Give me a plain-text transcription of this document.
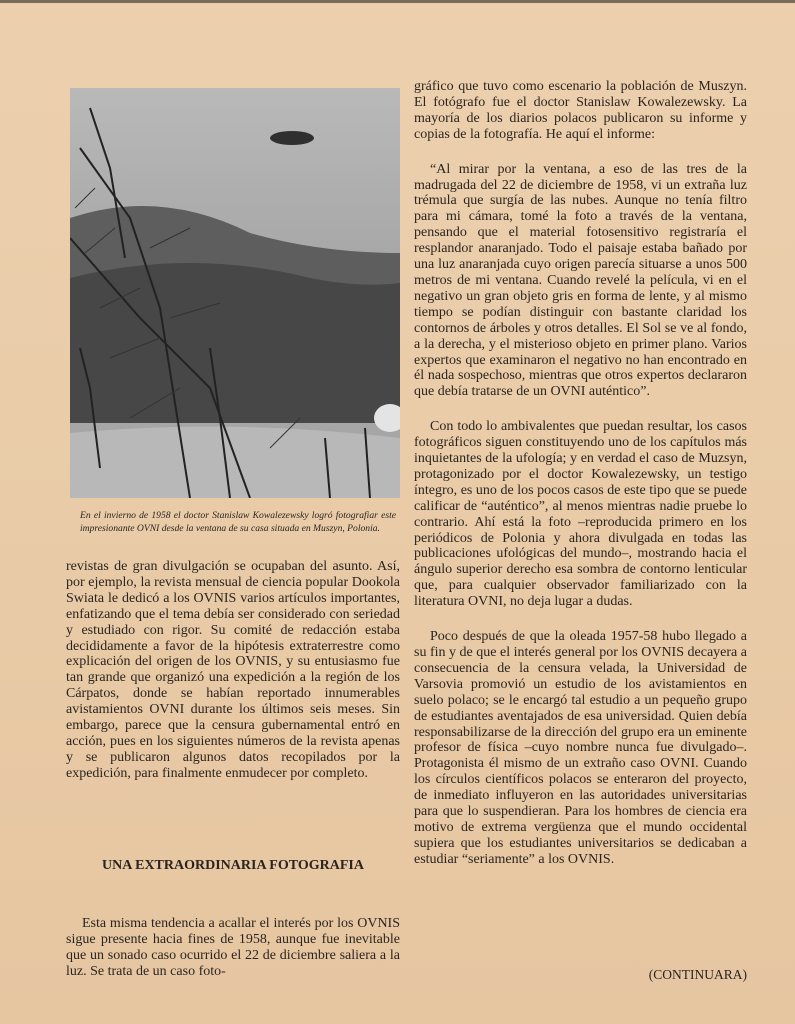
En el invierno de 1958 el doctor Stanislaw Kowalezewsky logró fotografiar este impresionante OVNI desde la ventana de su casa situada en Muszyn, Polonia.

revistas de gran divulgación se ocupaban del asunto. Así, por ejemplo, la revista mensual de ciencia popular Dookola Swiata le dedicó a los OVNIS varios artículos importantes, enfatizando que el tema debía ser considerado con seriedad y estudiado con rigor. Su comité de redacción estaba decididamente a favor de la hipótesis extraterrestre como explicación del origen de los OVNIS, y su entusiasmo fue tan grande que organizó una expedición a la región de los Cárpatos, donde se habían reportado innumerables avistamientos OVNI durante los últimos seis meses. Sin embargo, parece que la censura gubernamental entró en acción, pues en los siguientes números de la revista apenas y se publicaron algunos datos recopilados por la expedición, para finalmente enmudecer por completo.

UNA EXTRAORDINARIA FOTOGRAFIA

Esta misma tendencia a acallar el interés por los OVNIS sigue presente hacia fines de 1958, aunque fue inevitable que un sonado caso ocurrido el 22 de diciembre saliera a la luz. Se trata de un caso foto-

gráfico que tuvo como escenario la población de Muszyn. El fotógrafo fue el doctor Stanislaw Kowalezewsky. La mayoría de los diarios polacos publicaron su informe y copias de la fotografía. He aquí el informe:

“Al mirar por la ventana, a eso de las tres de la madrugada del 22 de diciembre de 1958, vi un extraña luz trémula que surgía de las nubes. Aunque no tenía filtro para mi cámara, tomé la foto a través de la ventana, pensando que el material fotosensitivo registraría el resplandor anaranjado. Todo el paisaje estaba bañado por una luz anaranjada cuyo origen parecía situarse a unos 500 metros de mi ventana. Cuando revelé la película, vi en el negativo un gran objeto gris en forma de lente, y al mismo tiempo se podían distinguir con bastante claridad los contornos de árboles y otros detalles. El Sol se ve al fondo, a la derecha, y el misterioso objeto en primer plano. Varios expertos que examinaron el negativo no han encontrado en él nada sospechoso, mientras que otros expertos declararon que debía tratarse de un OVNI auténtico”.

Con todo lo ambivalentes que puedan resultar, los casos fotográficos siguen constituyendo uno de los capítulos más inquietantes de la ufología; y en verdad el caso de Muzsyn, protagonizado por el doctor Kowalezewsky, un testigo íntegro, es uno de los pocos casos de este tipo que se puede calificar de “auténtico”, al menos mientras nadie pruebe lo contrario. Ahí está la foto –reproducida primero en los periódicos de Polonia y ahora divulgada en todas las publicaciones ufológicas del mundo–, mostrando hacia el ángulo superior derecho esa sombra de contorno lenticular que, para cualquier observador familiarizado con la literatura OVNI, no deja lugar a dudas.

Poco después de que la oleada 1957-58 hubo llegado a su fin y de que el interés general por los OVNIS decayera a consecuencia de la censura velada, la Universidad de Varsovia promovió un estudio de los avistamientos en suelo polaco; se le encargó tal estudio a un pequeño grupo de estudiantes aventajados de esa universidad. Quien debía responsabilizarse de la dirección del grupo era un eminente profesor de física –cuyo nombre nunca fue divulgado–. Protagonista él mismo de un extraño caso OVNI. Cuando los círculos científicos polacos se enteraron del proyecto, de inmediato influyeron en las autoridades universitarias para que lo suspendieran. Para los hombres de ciencia era motivo de extrema vergüenza que el mundo occidental supiera que los estudiantes universitarios se dedicaban a estudiar “seriamente” a los OVNIS.

(CONTINUARA)
